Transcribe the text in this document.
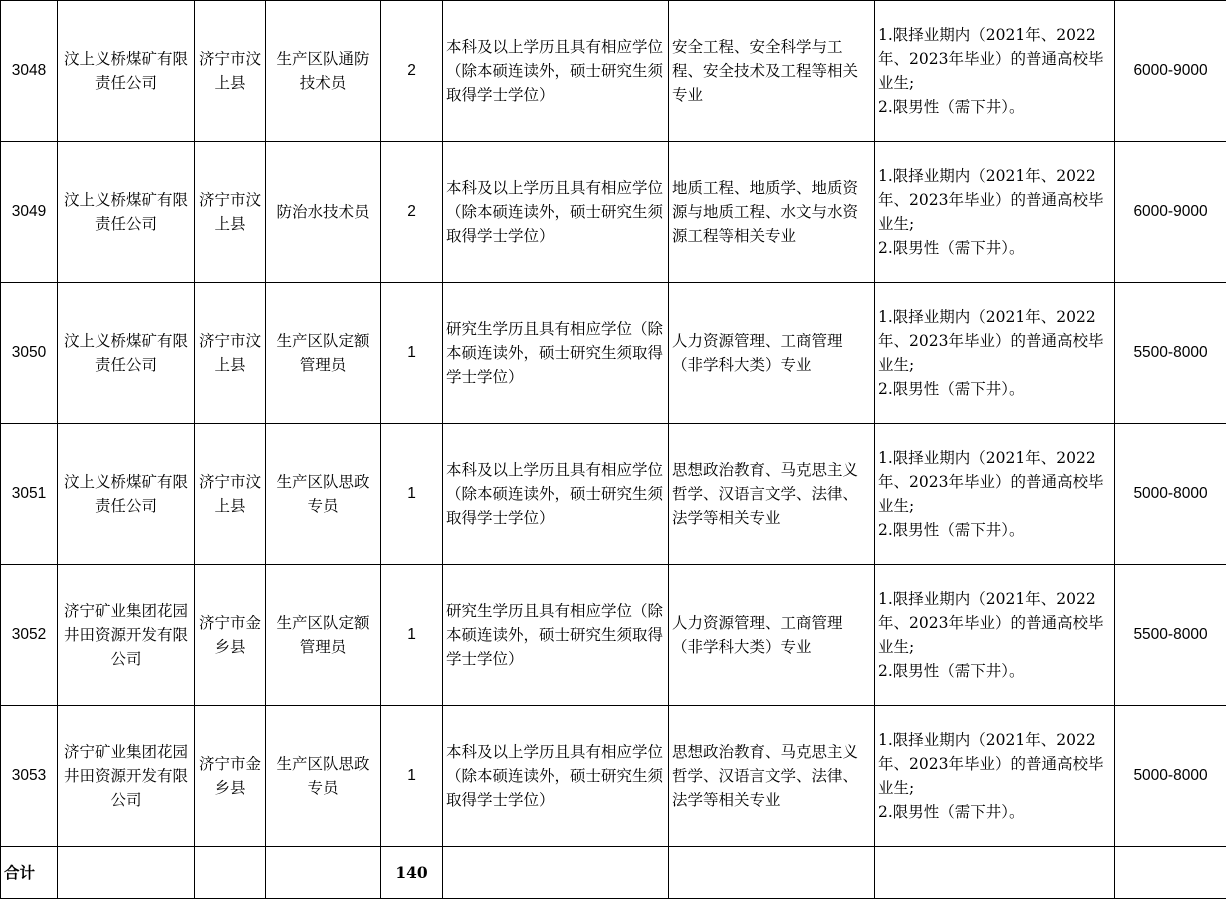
3048	汶上义桥煤矿有限责任公司	济宁市汶上县	生产区队通防技术员	2	本科及以上学历且具有相应学位（除本硕连读外，硕士研究生须取得学士学位）	安全工程、安全科学与工程、安全技术及工程等相关专业	1.限择业期内（2021年、2022年、2023年毕业）的普通高校毕业生;
2.限男性（需下井）。	6000-9000
3049	汶上义桥煤矿有限责任公司	济宁市汶上县	防治水技术员	2	本科及以上学历且具有相应学位（除本硕连读外，硕士研究生须取得学士学位）	地质工程、地质学、地质资源与地质工程、水文与水资源工程等相关专业	1.限择业期内（2021年、2022年、2023年毕业）的普通高校毕业生;
2.限男性（需下井）。	6000-9000
3050	汶上义桥煤矿有限责任公司	济宁市汶上县	生产区队定额管理员	1	研究生学历且具有相应学位（除本硕连读外，硕士研究生须取得学士学位）	人力资源管理、工商管理（非学科大类）专业	1.限择业期内（2021年、2022年、2023年毕业）的普通高校毕业生;
2.限男性（需下井）。	5500-8000
3051	汶上义桥煤矿有限责任公司	济宁市汶上县	生产区队思政专员	1	本科及以上学历且具有相应学位（除本硕连读外，硕士研究生须取得学士学位）	思想政治教育、马克思主义哲学、汉语言文学、法律、法学等相关专业	1.限择业期内（2021年、2022年、2023年毕业）的普通高校毕业生;
2.限男性（需下井）。	5000-8000
3052	济宁矿业集团花园井田资源开发有限公司	济宁市金乡县	生产区队定额管理员	1	研究生学历且具有相应学位（除本硕连读外，硕士研究生须取得学士学位）	人力资源管理、工商管理（非学科大类）专业	1.限择业期内（2021年、2022年、2023年毕业）的普通高校毕业生;
2.限男性（需下井）。	5500-8000
3053	济宁矿业集团花园井田资源开发有限公司	济宁市金乡县	生产区队思政专员	1	本科及以上学历且具有相应学位（除本硕连读外，硕士研究生须取得学士学位）	思想政治教育、马克思主义哲学、汉语言文学、法律、法学等相关专业	1.限择业期内（2021年、2022年、2023年毕业）的普通高校毕业生;
2.限男性（需下井）。	5000-8000
合计				140				
